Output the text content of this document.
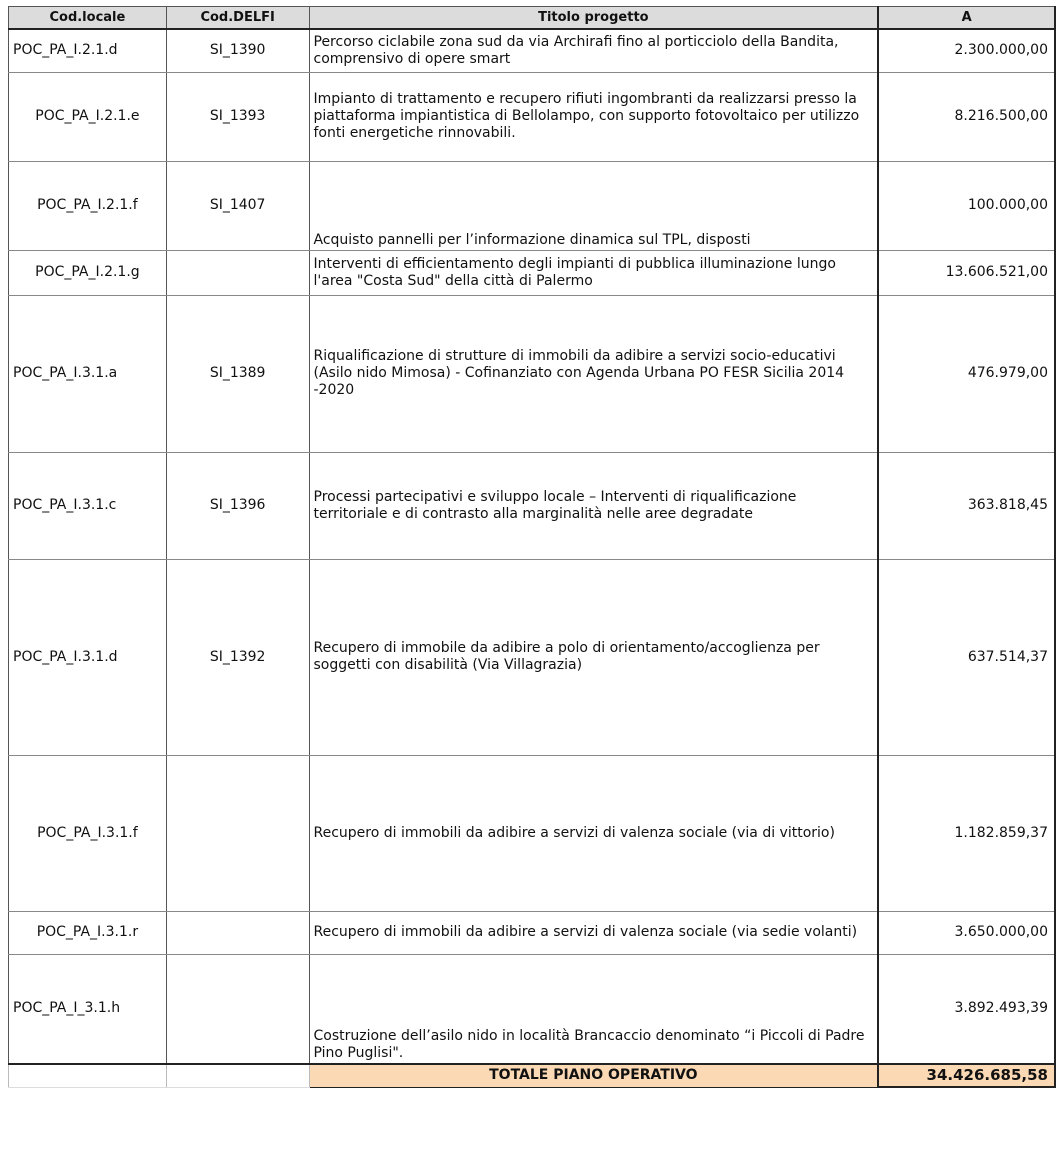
Cod.locale	Cod.DELFI	Titolo progetto	A
POC_PA_I.2.1.d	SI_1390	Percorso ciclabile zona sud da via Archirafi fino al porticciolo della Bandita, comprensivo di opere smart	2.300.000,00
POC_PA_I.2.1.e	SI_1393	Impianto di trattamento e recupero rifiuti ingombranti da realizzarsi presso la piattaforma impiantistica di Bellolampo, con supporto fotovoltaico per utilizzo fonti energetiche rinnovabili.	8.216.500,00
POC_PA_I.2.1.f	SI_1407	Acquisto pannelli per l’informazione dinamica sul TPL, disposti	100.000,00
POC_PA_I.2.1.g		Interventi di efficientamento degli impianti di pubblica illuminazione lungo l'area "Costa Sud" della città di Palermo	13.606.521,00
POC_PA_I.3.1.a	SI_1389	Riqualificazione di strutture di immobili da adibire a servizi socio-educativi (Asilo nido Mimosa) - Cofinanziato con Agenda Urbana PO FESR Sicilia 2014 -2020	476.979,00
POC_PA_I.3.1.c	SI_1396	Processi partecipativi e sviluppo locale – Interventi di riqualificazione territoriale e di contrasto alla marginalità nelle aree degradate	363.818,45
POC_PA_I.3.1.d	SI_1392	Recupero di immobile da adibire a polo di orientamento/accoglienza per soggetti con disabilità (Via Villagrazia)	637.514,37
POC_PA_I.3.1.f		Recupero di immobili da adibire a servizi di valenza sociale (via di vittorio)	1.182.859,37
POC_PA_I.3.1.r		Recupero di immobili da adibire a servizi di valenza sociale (via sedie volanti)	3.650.000,00
POC_PA_I_3.1.h		Costruzione dell’asilo nido in località Brancaccio denominato “i Piccoli di Padre Pino Puglisi".	3.892.493,39
		TOTALE PIANO OPERATIVO	34.426.685,58
